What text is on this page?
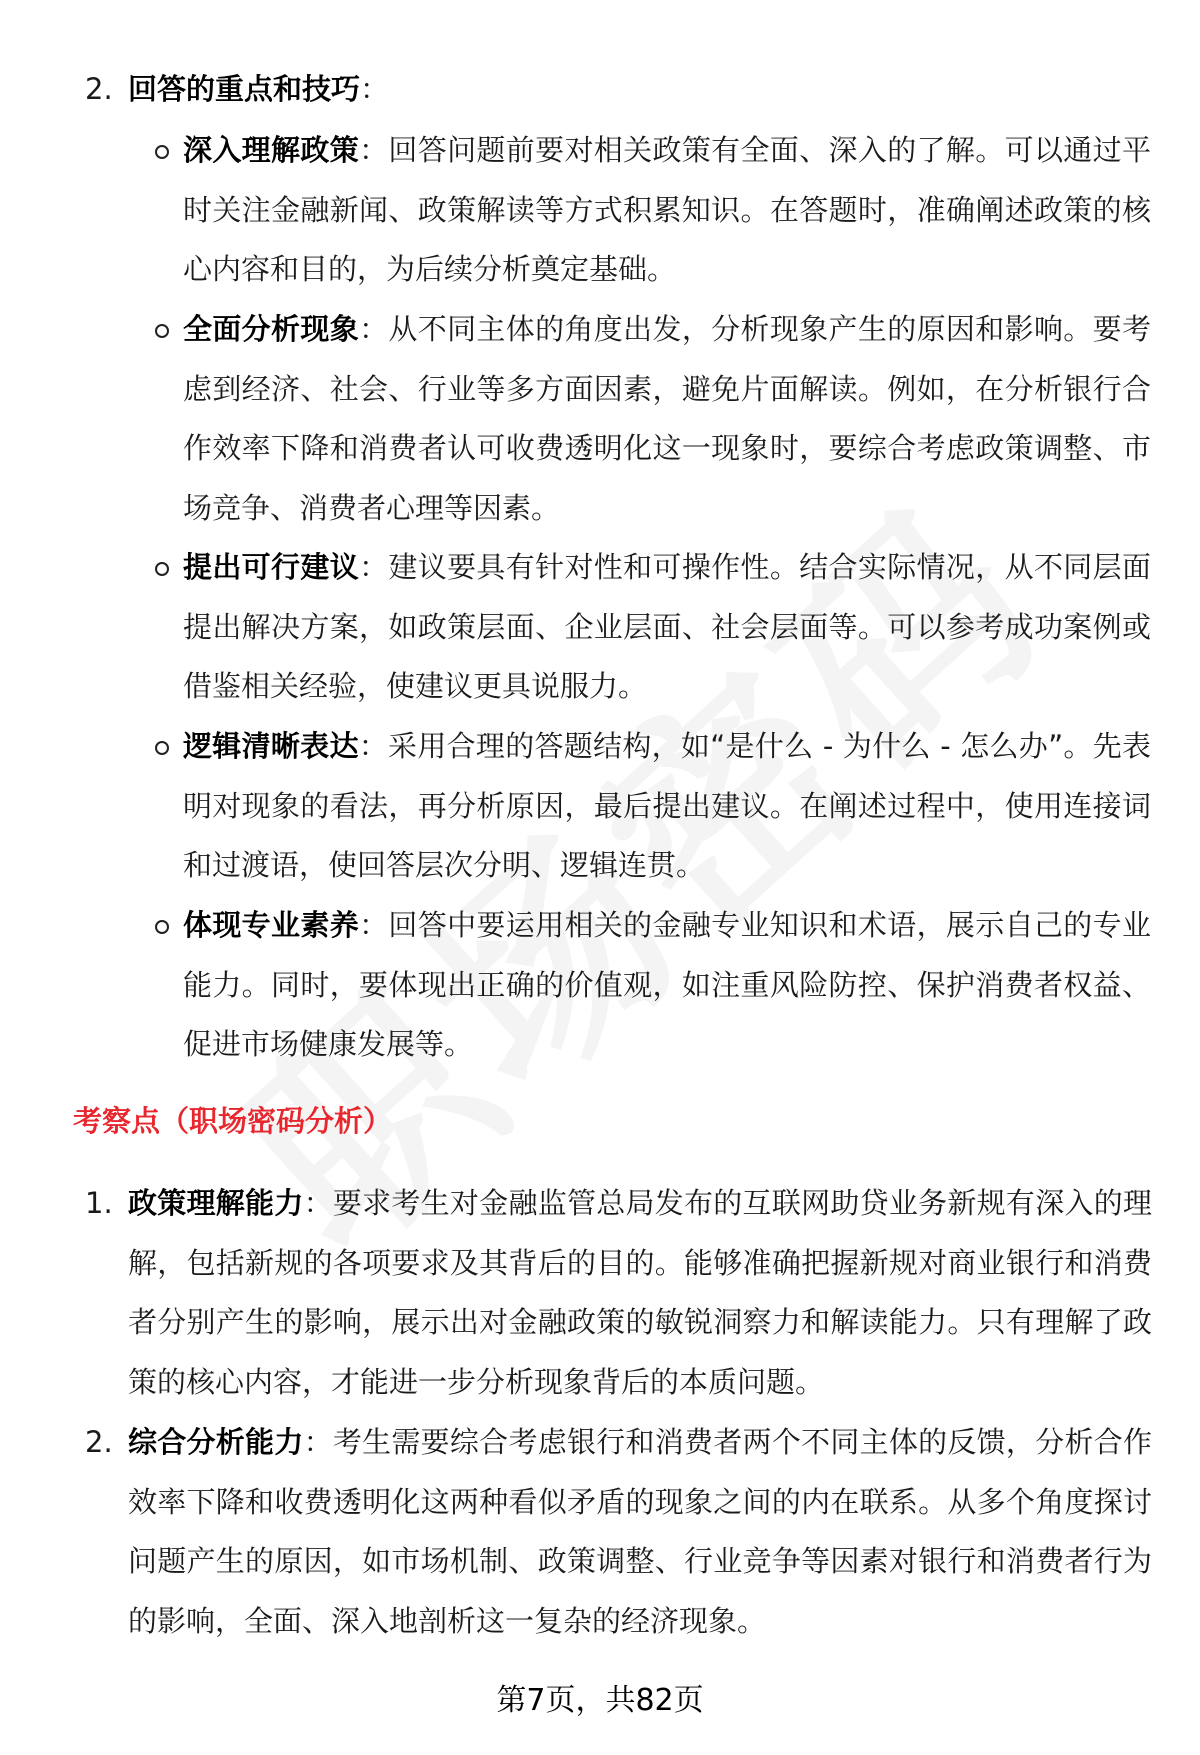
2. 回答的重点和技巧：
深入理解政策：回答问题前要对相关政策有全面、深入的了解。可以通过平时关注金融新闻、政策解读等方式积累知识。在答题时，准确阐述政策的核心内容和目的，为后续分析奠定基础。
全面分析现象：从不同主体的角度出发，分析现象产生的原因和影响。要考虑到经济、社会、行业等多方面因素，避免片面解读。例如，在分析银行合作效率下降和消费者认可收费透明化这一现象时，要综合考虑政策调整、市场竞争、消费者心理等因素。
提出可行建议：建议要具有针对性和可操作性。结合实际情况，从不同层面提出解决方案，如政策层面、企业层面、社会层面等。可以参考成功案例或借鉴相关经验，使建议更具说服力。
逻辑清晰表达：采用合理的答题结构，如“是什么 - 为什么 - 怎么办”。先表明对现象的看法，再分析原因，最后提出建议。在阐述过程中，使用连接词和过渡语，使回答层次分明、逻辑连贯。
体现专业素养：回答中要运用相关的金融专业知识和术语，展示自己的专业能力。同时，要体现出正确的价值观，如注重风险防控、保护消费者权益、促进市场健康发展等。
考察点（职场密码分析）
1. 政策理解能力：要求考生对金融监管总局发布的互联网助贷业务新规有深入的理解，包括新规的各项要求及其背后的目的。能够准确把握新规对商业银行和消费者分别产生的影响，展示出对金融政策的敏锐洞察力和解读能力。只有理解了政策的核心内容，才能进一步分析现象背后的本质问题。
2. 综合分析能力：考生需要综合考虑银行和消费者两个不同主体的反馈，分析合作效率下降和收费透明化这两种看似矛盾的现象之间的内在联系。从多个角度探讨问题产生的原因，如市场机制、政策调整、行业竞争等因素对银行和消费者行为的影响，全面、深入地剖析这一复杂的经济现象。
第7页，共82页
